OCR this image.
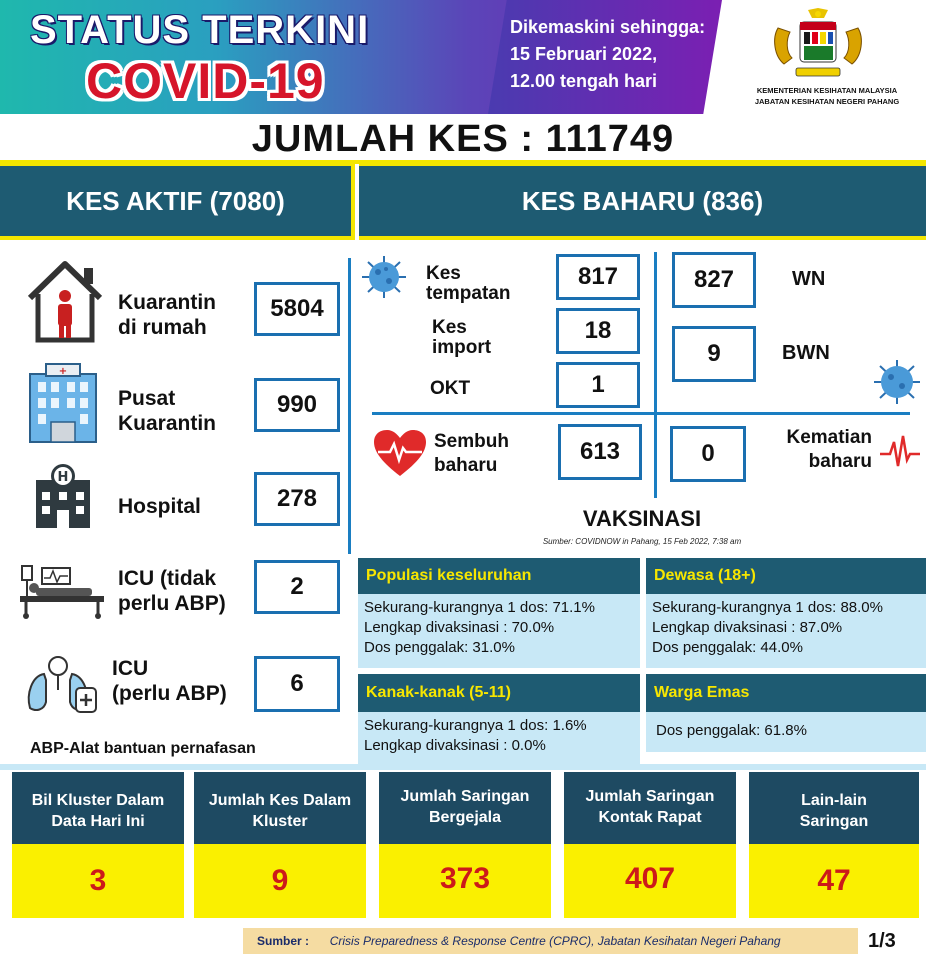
STATUS TERKINI
COVID-19
Dikemaskini sehingga:
15 Februari 2022,
12.00 tengah hari	KEMENTERIAN KESIHATAN MALAYSIA
JABATAN KESIHATAN NEGERI PAHANG
JUMLAH KES : 111749
KES AKTIF (7080)	KES BAHARU (836)
Kuarantin
di rumah
5804
+
Pusat
Kuarantin
990
H
Hospital	278
ICU (tidak
perlu ABP)
2
ICU
(perlu ABP)	6
ABP-Alat bantuan pernafasan
Kes
tempatan
817
Kes
import
18
OKT	1
827	WN
9	BWN
Sembuh
baharu
613	0
Kematian
baharu
VAKSINASI
Sumber: COVIDNOW in Pahang, 15 Feb 2022, 7:38 am
Populasi keseluruhan
Sekurang-kurangnya 1 dos: 71.1%
Lengkap divaksinasi : 70.0%
Dos penggalak: 31.0%
Dewasa (18+)
Sekurang-kurangnya 1 dos: 88.0%
Lengkap divaksinasi : 87.0%
Dos penggalak: 44.0%
Kanak-kanak (5-11)
Sekurang-kurangnya 1 dos: 1.6%
Lengkap divaksinasi : 0.0%
Warga Emas
Dos penggalak: 61.8%
Bil Kluster Dalam
Data Hari Ini
3
Jumlah Kes Dalam
Kluster
9
Jumlah Saringan
Bergejala
373
Jumlah Saringan
Kontak Rapat
407
Lain-lain
Saringan
47
Sumber : Crisis Preparedness & Response Centre (CPRC), Jabatan Kesihatan Negeri Pahang	1/3
